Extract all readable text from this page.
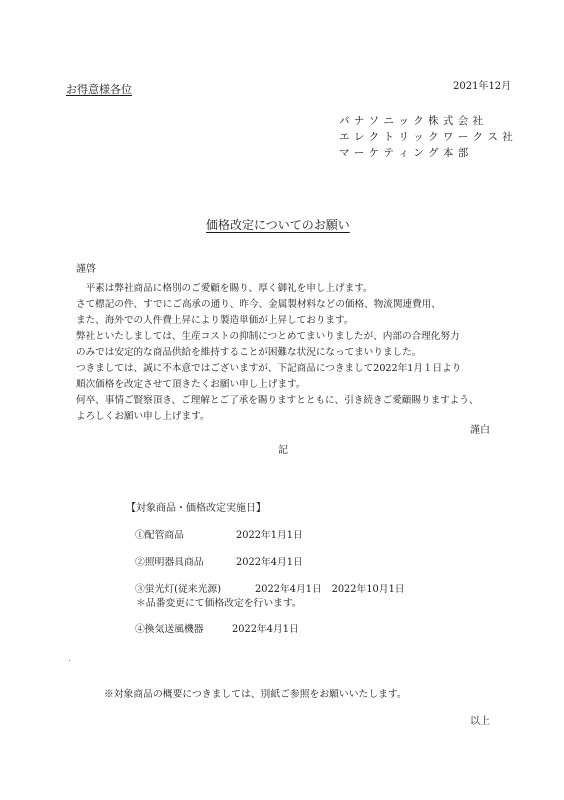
お得意様各位	2021年12月
パ ナ ソ ニ ッ ク 株 式 会 社
エ レ ク ト リ ッ ク ワ ー ク ス 社
マ ー ケ テ ィ ン グ 本 部
価格改定についてのお願い
謹啓
　平素は弊社商品に格別のご愛顧を賜り、厚く御礼を申し上げます。
さて標記の件、すでにご高承の通り、昨今、金属製材料などの価格、物流関連費用、
また、海外での人件費上昇により製造単価が上昇しております。
弊社といたしましては、生産コストの抑制につとめてまいりましたが、内部の合理化努力
のみでは安定的な商品供給を維持することが困難な状況になってまいりました。
つきましては、誠に不本意ではございますが、下記商品につきまして2022年1月１日より
順次価格を改定させて頂きたくお願い申し上げます。
何卒、事情ご賢察頂き、ご理解とご了承を賜りますとともに、引き続きご愛顧賜りますよう、
よろしくお願い申し上げます。
謹白
記
【対象商品・価格改定実施日】
①配管商品	2022年1月1日
②照明器具商品	2022年4月1日
③蛍光灯(従来光源)	2022年4月1日　2022年10月1日
＊品番変更にて価格改定を行います。
④換気送風機器	2022年4月1日
※対象商品の概要につきましては、別紙ご参照をお願いいたします。
以上
